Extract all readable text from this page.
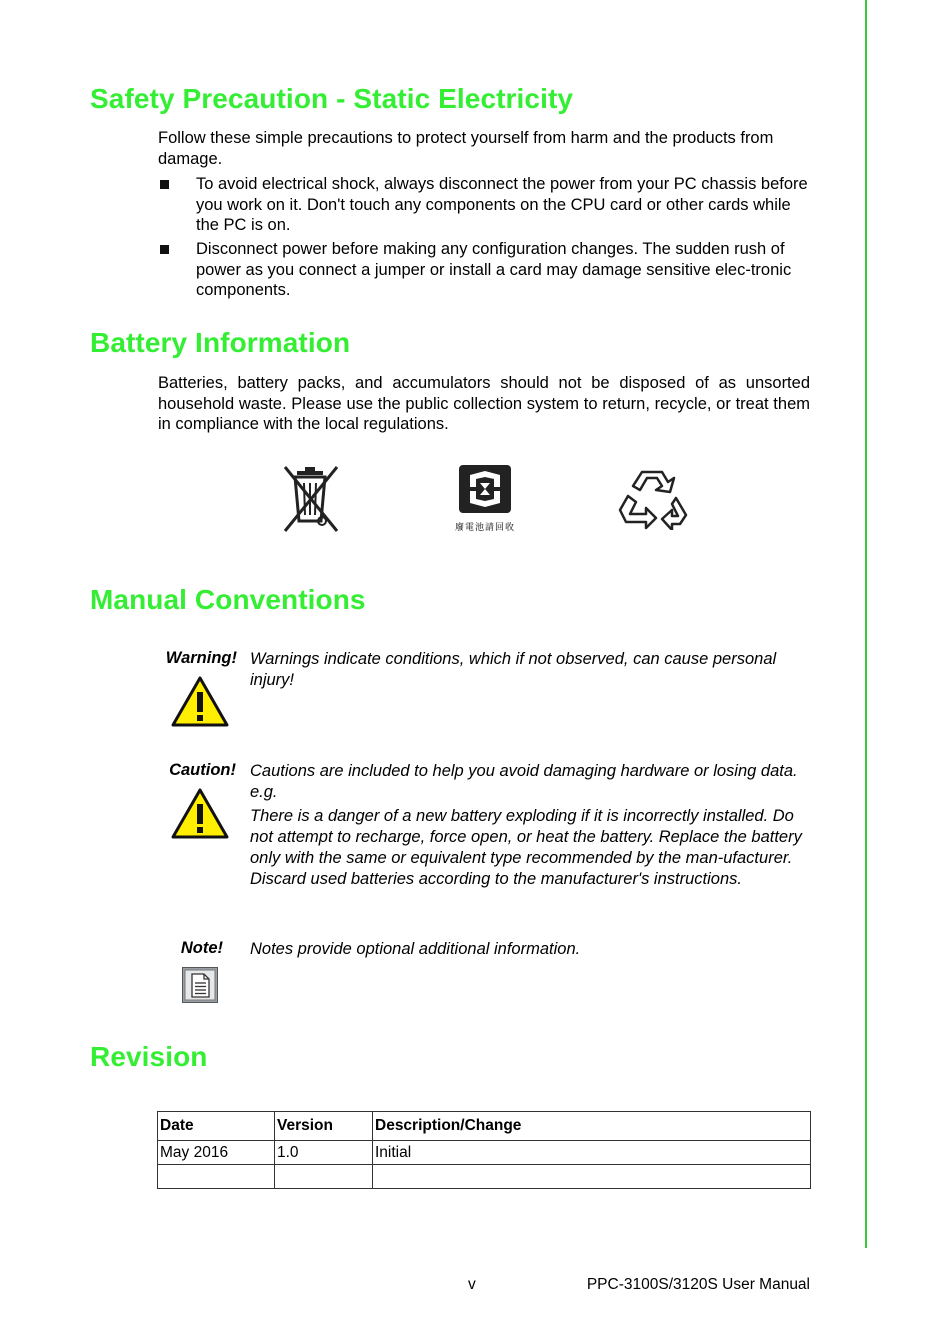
Safety Precaution - Static Electricity

Follow these simple precautions to protect yourself from harm and the products from damage.

To avoid electrical shock, always disconnect the power from your PC chassis before you work on it. Don't touch any components on the CPU card or other cards while the PC is on.
Disconnect power before making any configuration changes. The sudden rush of power as you connect a jumper or install a card may damage sensitive elec-tronic components.
Battery Information

Batteries, battery packs, and accumulators should not be disposed of as unsorted household waste. Please use the public collection system to return, recycle, or treat them in compliance with the local regulations.

廢電池請回收
Manual Conventions
Warning! Warnings indicate conditions, which if not observed, can cause personal injury!

Caution! Cautions are included to help you avoid damaging hardware or losing data. e.g.

There is a danger of a new battery exploding if it is incorrectly installed. Do not attempt to recharge, force open, or heat the battery. Replace the battery only with the same or equivalent type recommended by the man-ufacturer. Discard used batteries according to the manufacturer's instructions.

Note! Notes provide optional additional information.

Revision
Date	Version	Description/Change
May 2016	1.0	Initial

v	PPC-3100S/3120S User Manual
